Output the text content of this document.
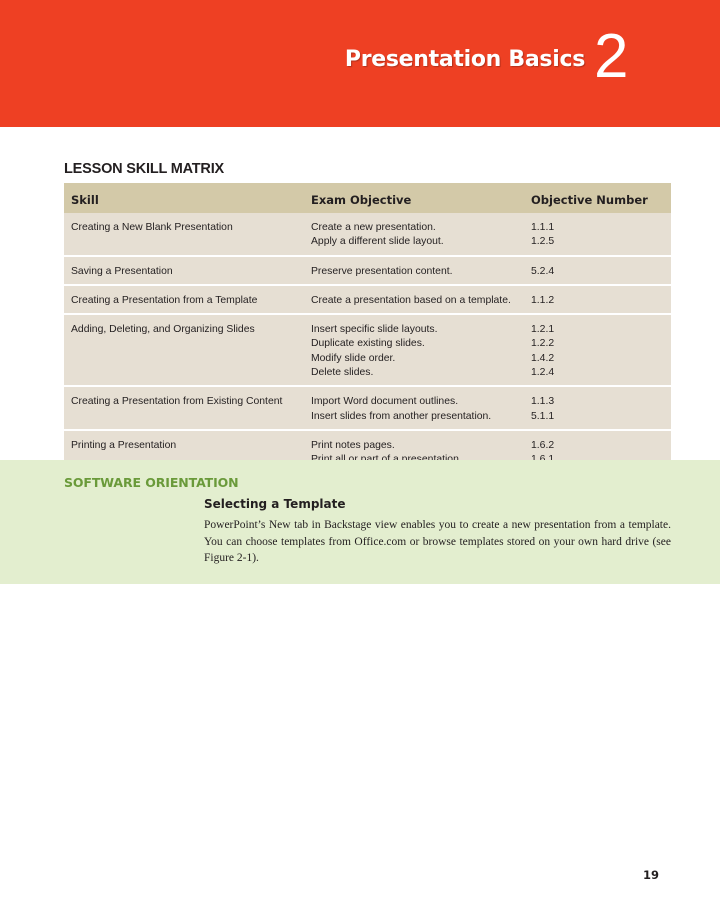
Presentation Basics 2
LESSON SKILL MATRIX
Skill	Exam Objective	Objective Number
Creating a New Blank Presentation	Create a new presentation.	1.1.1
Apply a different slide layout.	1.2.5
Saving a Presentation	Preserve presentation content.	5.2.4
Creating a Presentation from a Template	Create a presentation based on a template. 1.1.2
Adding, Deleting, and Organizing Slides	Insert specific slide layouts.	1.2.1
Duplicate existing slides.	1.2.2
Modify slide order.	1.4.2
Delete slides.	1.2.4
Creating a Presentation from Existing Content	Import Word document outlines.	1.1.3
Insert slides from another presentation.	5.1.1
Printing a Presentation	Print notes pages.	1.6.2
SOFTWARE ORIENTATION
Selecting a Template
PowerPoint’s New tab in Backstage view enables you to create a new presentation from a template. You can choose templates from Office.com or browse templates stored on your own hard drive (see Figure 2-1).
19
